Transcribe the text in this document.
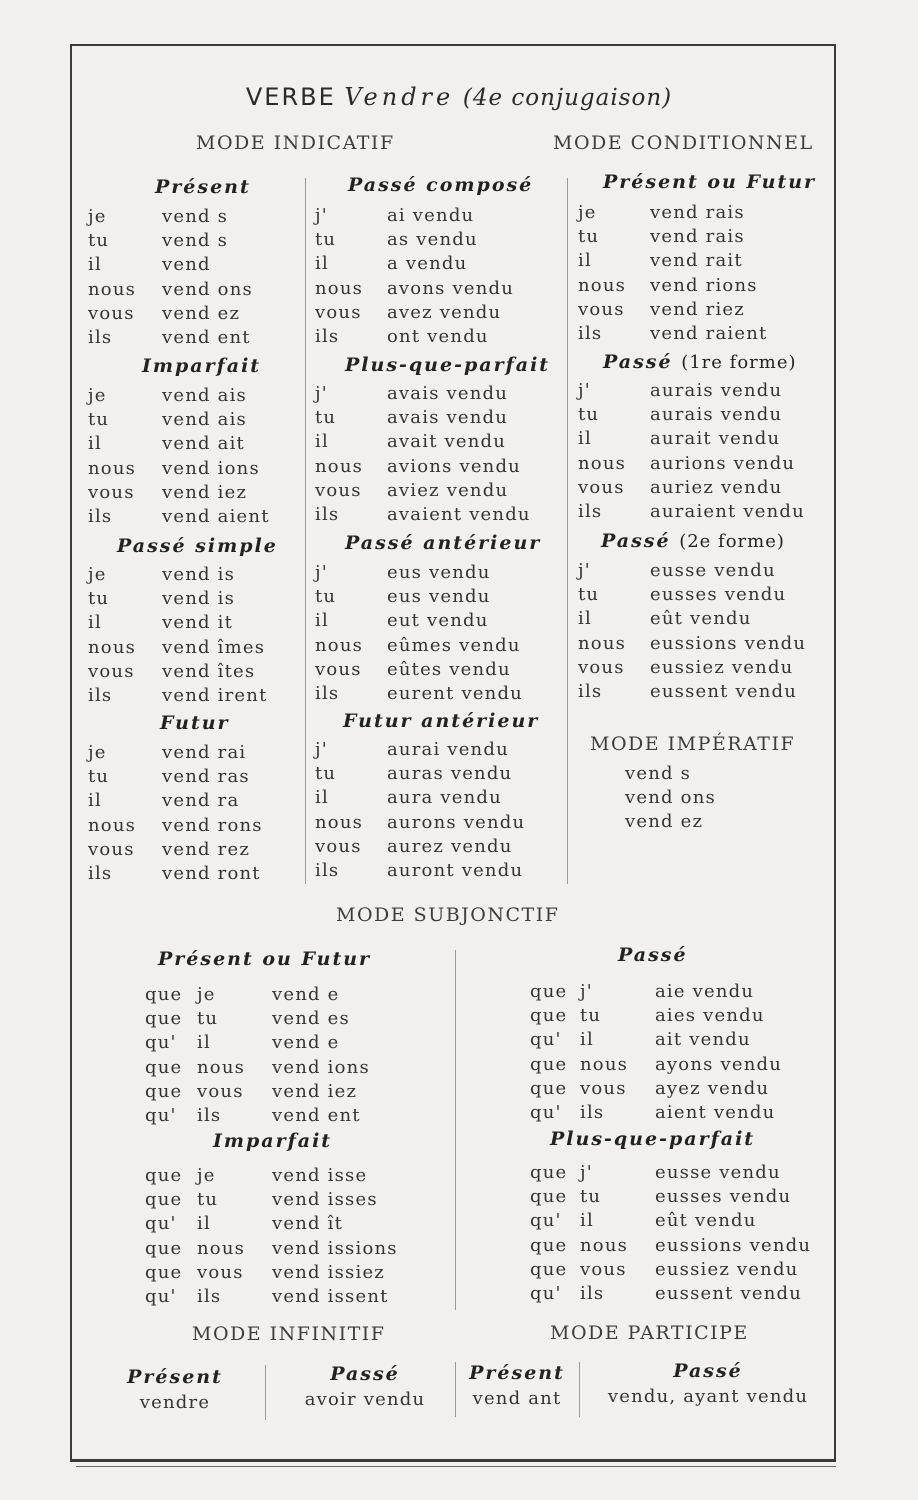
VERBE Vendre (4e conjugaison)
MODE INDICATIF	MODE CONDITIONNEL
Présent
je	vend s
tu	vend s
il	vend
nous vend ons
vous vend ez
ils	vend ent
Imparfait
je	vend ais
tu	vend ais
il	vend ait
nous vend ions
vous vend iez
ils	vend aient
Passé simple
je	vend is
tu	vend is
il	vend it
nous vend îmes
vous vend îtes
ils	vend irent
Futur
je	vend rai
tu	vend ras
il	vend ra
nous vend rons
vous vend rez
ils	vend ront
Passé composé
j'	ai vendu
tu	as vendu
il	a vendu
nous avons vendu
vous avez vendu
ils	ont vendu
Plus-que-parfait
j'	avais vendu
tu	avais vendu
il	avait vendu
nous avions vendu
vous aviez vendu
ils	avaient vendu
Passé antérieur
j'	eus vendu
tu	eus vendu
il	eut vendu
nous eûmes vendu
vous eûtes vendu
ils	eurent vendu
Futur antérieur
j'	aurai vendu
tu	auras vendu
il	aura vendu
nous aurons vendu
vous aurez vendu
ils	auront vendu
Présent ou Futur
je	vend rais
tu	vend rais
il	vend rait
nous vend rions
vous vend riez
ils	vend raient
Passé (1re forme)
j'	aurais vendu
tu	aurais vendu
il	aurait vendu
nous aurions vendu
vous auriez vendu
ils	auraient vendu
Passé (2e forme)
j'	eusse vendu
tu	eusses vendu
il	eût vendu
nous eussions vendu
vous eussiez vendu
ils	eussent vendu
MODE IMPÉRATIF
vend s
vend ons
vend ez
MODE SUBJONCTIF
Présent ou Futur
que je	vend e
que tu	vend es
qu' il	vend e
que nous vend ions
que vous vend iez
qu' ils	vend ent
Imparfait
que je	vend isse
que tu	vend isses
qu' il	vend ît
que nous vend issions
que vous vend issiez
qu' ils	vend issent
Passé
que j'	aie vendu
que tu	aies vendu
qu' il	ait vendu
que nous ayons vendu
que vous ayez vendu
qu' ils	aient vendu
Plus-que-parfait
que j'	eusse vendu
que tu	eusses vendu
qu' il	eût vendu
que nous eussions vendu
que vous eussiez vendu
qu' ils	eussent vendu
MODE INFINITIF	MODE PARTICIPE
Présent
vendre
Passé
avoir vendu
Présent
vend ant
Passé
vendu, ayant vendu
